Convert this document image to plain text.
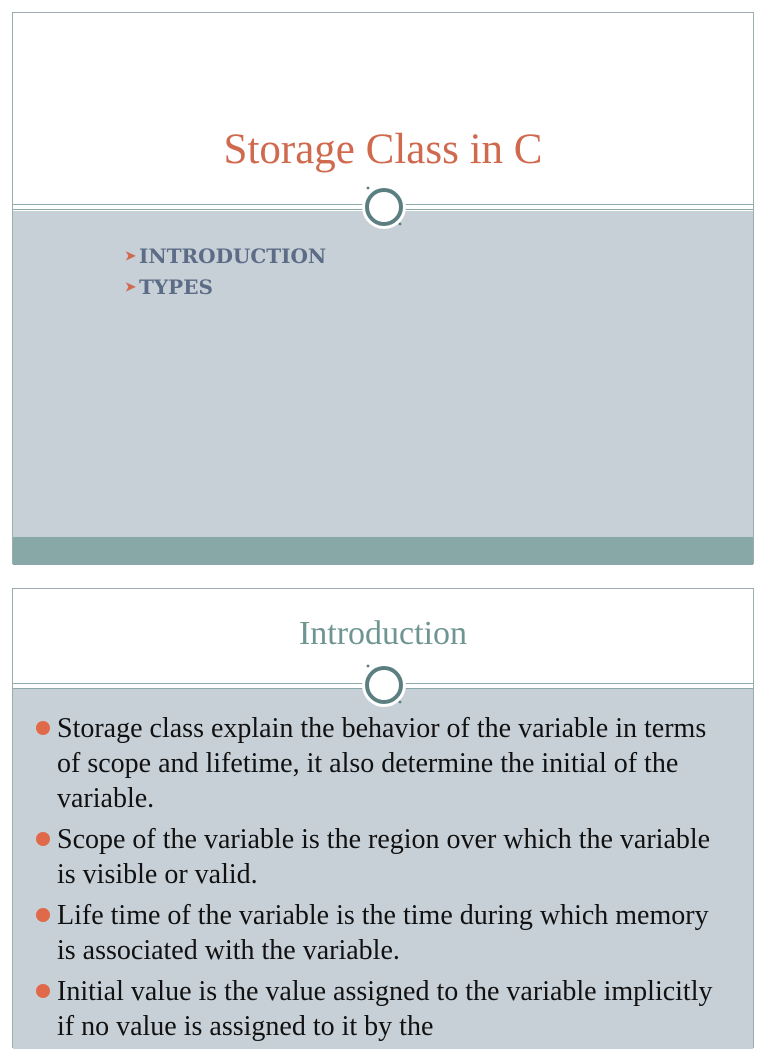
Storage Class in C
➤ INTRODUCTION
➤ TYPES
Introduction
Storage class explain the behavior of the variable in terms of scope and lifetime, it also determine the initial of the variable.
Scope of the variable is the region over which the variable is visible or valid.
Life time of the variable is the time during which memory is associated with the variable.
Initial value is the value assigned to the variable implicitly if no value is assigned to it by the
